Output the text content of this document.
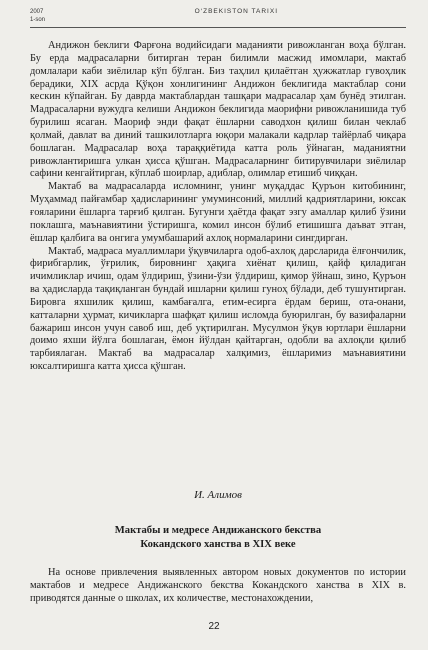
2007
1-son
O‘ZBEKISTON TARIXI

Андижон беклиги Фарғона водийсидаги маданияти ривожланган воҳа бўлган. Бу ерда мадрасаларни битирган теран билимли масжид имомлари, мактаб домлалари каби зиёлилар кўп бўлган. Биз таҳлил қилаётган ҳужжатлар гувоҳлик берадики, XIX асрда Қўқон хонлигининг Андижон беклигида мактаблар сони кескин кўпайган. Бу даврда мактаблардан ташқари мадрасалар ҳам бунёд этилган. Мадрасаларни вужудга келиши Андижон беклигида маорифни ривожланишида туб бурилиш ясаган. Маориф энди фақат ёшларни саводхон қилиш билан чеклаб қолмай, давлат ва диний ташкилотларга юқори малакали кадрлар тайёрлаб чиқара бошлаган. Мадрасалар воҳа тараққиётида катта роль ўйнаган, маданиятни ривожлантиришга улкан ҳисса қўшган. Мадрасаларнинг битирувчилари зиёлилар сафини кенгайтирган, кўплаб шоирлар, адиблар, олимлар етишиб чиққан.

Мактаб ва мадрасаларда исломнинг, унинг муқаддас Қуръон китобининг, Муҳаммад пайғамбар ҳадисларининг умуминсоний, миллий қадриятларини, юксак ғояларини ёшларга тарғиб қилган. Бугунги ҳаётда фақат эзгу амаллар қилиб ўзини поклашга, маънавиятини ўстиришга, комил инсон бўлиб етишишга даъват этган, ёшлар қалбига ва онгига умумбашарий ахлоқ нормаларини сингдирган.

Мактаб, мадраса муаллимлари ўқувчиларга одоб-ахлоқ дарсларида ёлғончилик, фирибгарлик, ўғрилик, бировнинг ҳақига хиёнат қилиш, қайф қиладиган ичимликлар ичиш, одам ўлдириш, ўзини-ўзи ўлдириш, қимор ўйнаш, зино, Қуръон ва ҳадисларда тақиқланган бундай ишларни қилиш гуноҳ бўлади, деб тушунтирган. Бировга яхшилик қилиш, камбағалга, етим-есирга ёрдам бериш, ота-онани, катталарни ҳурмат, кичикларга шафқат қилиш исломда буюрилган, бу вазифаларни бажариш инсон учун савоб иш, деб уқтирилган. Мусулмон ўқув юртлари ёшларни доимо яхши йўлга бошлаган, ёмон йўлдан қайтарган, одобли ва ахлоқли қилиб тарбиялаган. Мактаб ва мадрасалар халқимиз, ёшларимиз маънавиятини юксалтиришга катта ҳисса қўшган.

И. Алимов
Мактабы и медресе Андижанского бекства
Кокандского ханства в XIX веке

На основе привлечения выявленных автором новых документов по истории мактабов и медресе Андижанского бекства Кокандского ханства в XIX в. приводятся данные о школах, их количестве, местонахождении,

22
